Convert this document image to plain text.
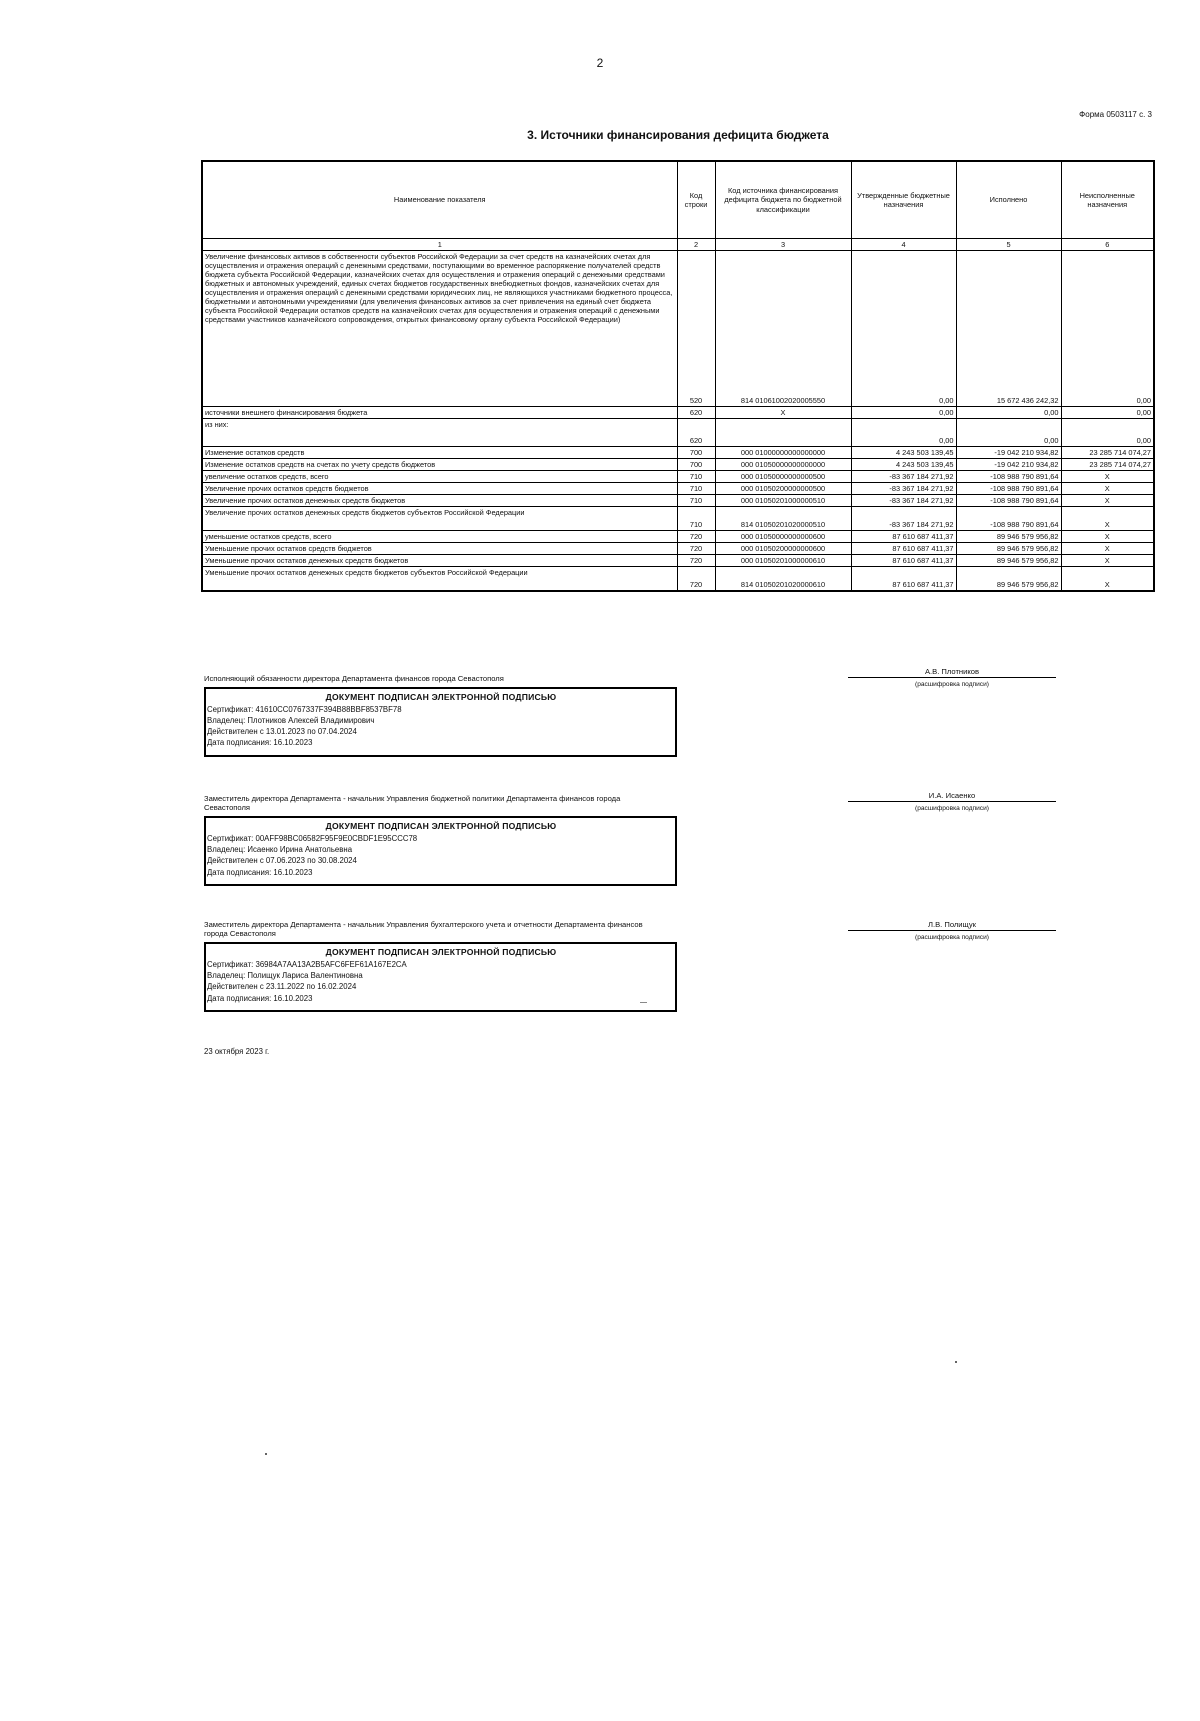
2
Форма 0503117 с. 3
3. Источники финансирования дефицита бюджета
Наименование показателя	Код строки	Код источника финансирования дефицита бюджета по бюджетной классификации	Утвержденные бюджетные назначения	Исполнено	Неисполненные назначения
1	2	3	4	5	6
Увеличение финансовых активов в собственности субъектов Российской Федерации за счет средств на казначейских счетах для осуществления и отражения операций с денежными средствами, поступающими во временное распоряжение получателей средств бюджета субъекта Российской Федерации, казначейских счетах для осуществления и отражения операций с денежными средствами бюджетных и автономных учреждений, единых счетах бюджетов государственных внебюджетных фондов, казначейских счетах для осуществления и отражения операций с денежными средствами юридических лиц, не являющихся участниками бюджетного процесса, бюджетными и автономными учреждениями (для увеличения финансовых активов за счет привлечения на единый счет бюджета субъекта Российской Федерации остатков средств на казначейских счетах для осуществления и отражения операций с денежными средствами участников казначейского сопровождения, открытых финансовому органу субъекта Российской Федерации)	520	814 01061002020005550	0,00	15 672 436 242,32	0,00
источники внешнего финансирования бюджета	620	X	0,00	0,00	0,00
из них:	620		0,00	0,00	0,00
Изменение остатков средств	700	000 01000000000000000	4 243 503 139,45	-19 042 210 934,82	23 285 714 074,27
Изменение остатков средств на счетах по учету средств бюджетов	700	000 01050000000000000	4 243 503 139,45	-19 042 210 934,82	23 285 714 074,27
увеличение остатков средств, всего	710	000 01050000000000500	-83 367 184 271,92	-108 988 790 891,64	X
Увеличение прочих остатков средств бюджетов	710	000 01050200000000500	-83 367 184 271,92	-108 988 790 891,64	X
Увеличение прочих остатков денежных средств бюджетов	710	000 01050201000000510	-83 367 184 271,92	-108 988 790 891,64	X
Увеличение прочих остатков денежных средств бюджетов субъектов Российской Федерации	710	814 01050201020000510	-83 367 184 271,92	-108 988 790 891,64	X
уменьшение остатков средств, всего	720	000 01050000000000600	87 610 687 411,37	89 946 579 956,82	X
Уменьшение прочих остатков средств бюджетов	720	000 01050200000000600	87 610 687 411,37	89 946 579 956,82	X
Уменьшение прочих остатков денежных средств бюджетов	720	000 01050201000000610	87 610 687 411,37	89 946 579 956,82	X
Уменьшение прочих остатков денежных средств бюджетов субъектов Российской Федерации	720	814 01050201020000610	87 610 687 411,37	89 946 579 956,82	X
Исполняющий обязанности директора Департамента финансов города Севастополя
ДОКУМЕНТ ПОДПИСАН ЭЛЕКТРОННОЙ ПОДПИСЬЮ
Сертификат: 41610CC0767337F394B88BBF8537BF78
Владелец: Плотников Алексей Владимирович
Действителен с 13.01.2023 по 07.04.2024
Дата подписания: 16.10.2023
А.В. Плотников
(расшифровка подписи)
Заместитель директора Департамента - начальник Управления бюджетной политики Департамента финансов города Севастополя
ДОКУМЕНТ ПОДПИСАН ЭЛЕКТРОННОЙ ПОДПИСЬЮ
Сертификат: 00AFF98BC06582F95F9E0CBDF1E95CCC78
Владелец: Исаенко Ирина Анатольевна
Действителен с 07.06.2023 по 30.08.2024
Дата подписания: 16.10.2023
И.А. Исаенко
(расшифровка подписи)
Заместитель директора Департамента - начальник Управления бухгалтерского учета и отчетности Департамента финансов города Севастополя
ДОКУМЕНТ ПОДПИСАН ЭЛЕКТРОННОЙ ПОДПИСЬЮ
Сертификат: 36984A7AA13A2B5AFC6FEF61A167E2CA
Владелец: Полищук Лариса Валентиновна
Действителен с 23.11.2022 по 16.02.2024
Дата подписания: 16.10.2023	—
Л.В. Полищук
(расшифровка подписи)
23 октября 2023 г.
